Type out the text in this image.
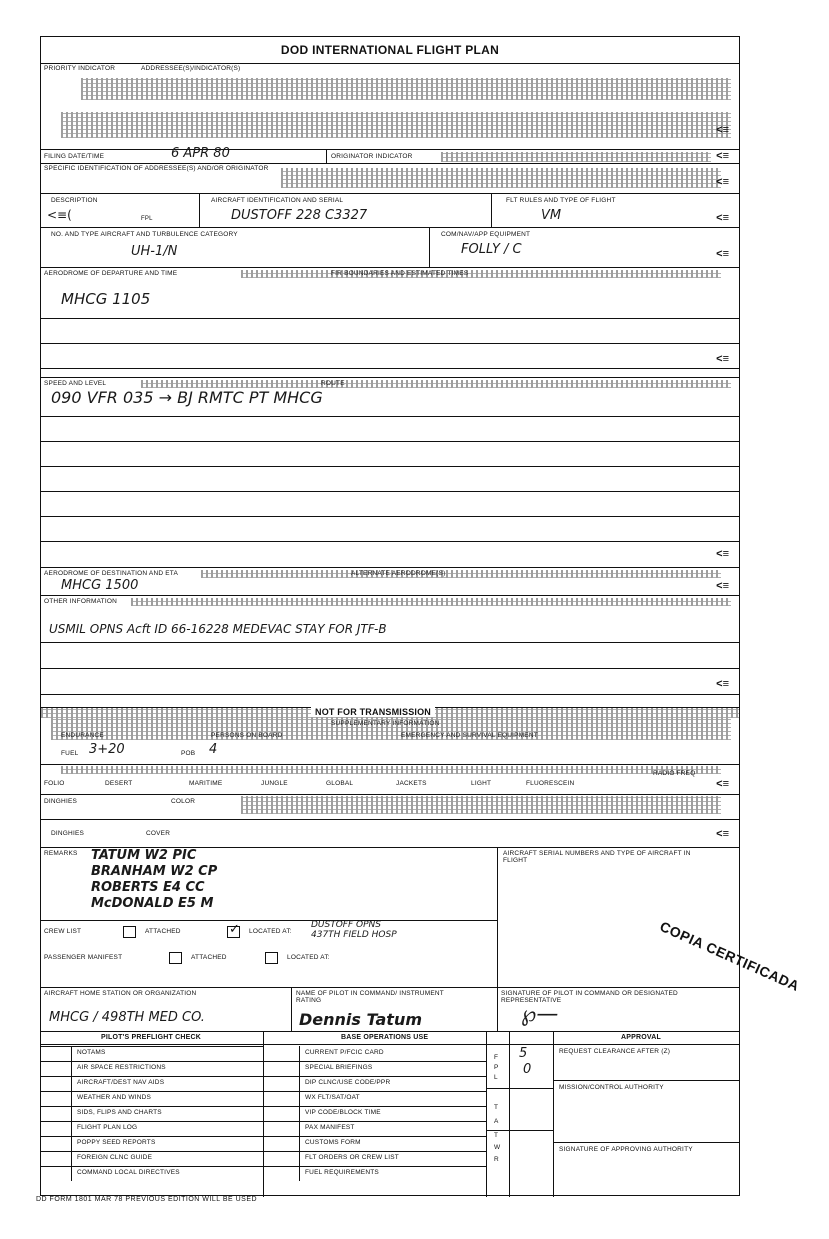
DOD INTERNATIONAL FLIGHT PLAN
PRIORITY INDICATOR	ADDRESSEE(S)/INDICATOR(S)
<≡
FILING DATE/TIME	6 APR 80	ORIGINATOR INDICATOR	<≡
SPECIFIC IDENTIFICATION OF ADDRESSEE(S) AND/OR ORIGINATOR
<≡
DESCRIPTION	AIRCRAFT IDENTIFICATION AND SERIAL	FLT RULES AND TYPE OF FLIGHT
<≡(	FPL	DUSTOFF 228 C3327	VM	<≡
NO. AND TYPE AIRCRAFT AND TURBULENCE CATEGORY	COM/NAV/APP EQUIPMENT
UH-1/N	FOLLY / C	<≡
AERODROME OF DEPARTURE AND TIME	FIR BOUNDARIES AND ESTIMATED TIMES
MHCG 1105
<≡
SPEED AND LEVEL	ROUTE
090 VFR 035 → BJ RMTC PT MHCG
<≡
AERODROME OF DESTINATION AND ETA	ALTERNATE AERODROME(S)
MHCG 1500	<≡
OTHER INFORMATION
USMIL OPNS Acft ID 66-16228 MEDEVAC STAY FOR JTF-B
<≡
NOT FOR TRANSMISSION
SUPPLEMENTARY INFORMATION
ENDURANCE	PERSONS ON BOARD	EMERGENCY AND SURVIVAL EQUIPMENT
FUEL 3+20	POB 4
FOLIO	DESERT	MARITIME	JUNGLE	GLOBAL	JACKETS	LIGHT	FLUORESCEIN
RADIO FREQ
<≡
DINGHIES	COLOR
DINGHIES	COVER	<≡
REMARKS	AIRCRAFT SERIAL NUMBERS AND TYPE OF AIRCRAFT IN FLIGHT
TATUM W2 PIC
BRANHAM W2 CP
ROBERTS E4 CC
McDONALD E5 M
CREW LIST	ATTACHED	✓ LOCATED AT:
DUSTOFF OPNS
437TH FIELD HOSP
PASSENGER MANIFEST	ATTACHED	LOCATED AT:
AIRCRAFT HOME STATION OR ORGANIZATION	NAME OF PILOT IN COMMAND/ INSTRUMENT RATING
SIGNATURE OF PILOT IN COMMAND OR DESIGNATED REPRESENTATIVE
MHCG / 498TH MED CO.	Dennis Tatum	℘—
PILOT'S PREFLIGHT CHECK	BASE OPERATIONS USE	APPROVAL
REQUEST CLEARANCE AFTER (Z)
MISSION/CONTROL AUTHORITY
SIGNATURE OF APPROVING AUTHORITY
5
0
F
P
L
T
A
T
W
R
NOTAMS
AIR SPACE RESTRICTIONS
AIRCRAFT/DEST NAV AIDS
WEATHER AND WINDS
SIDS, FLIPS AND CHARTS
FLIGHT PLAN LOG
POPPY SEED REPORTS
FOREIGN CLNC GUIDE
COMMAND LOCAL DIRECTIVES
CURRENT P/FCIC CARD
SPECIAL BRIEFINGS
DIP CLNC/USE CODE/PPR
WX FLT/SAT/OAT
VIP CODE/BLOCK TIME
PAX MANIFEST
CUSTOMS FORM
FLT ORDERS OR CREW LIST
FUEL REQUIREMENTS
COPIA CERTIFICADA
DD FORM 1801 MAR 78 PREVIOUS EDITION WILL BE USED
